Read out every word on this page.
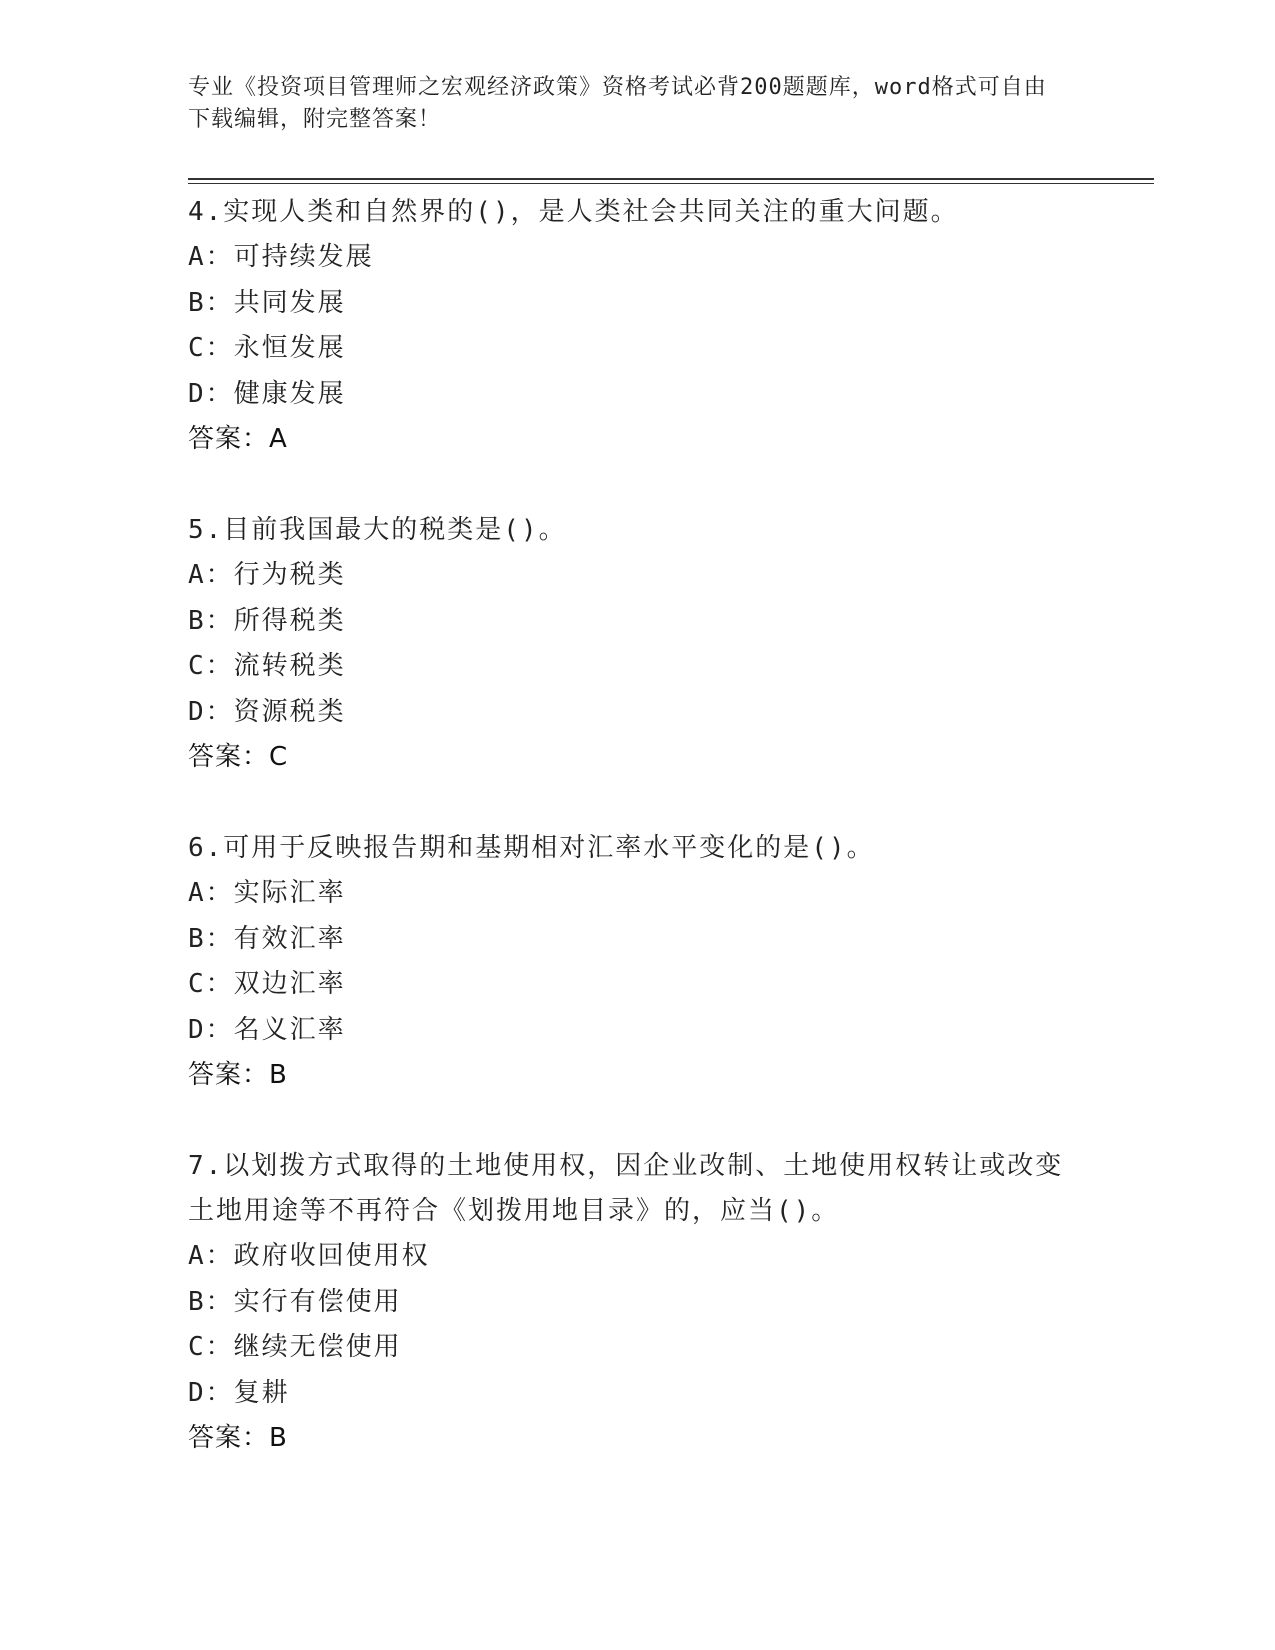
专业《投资项目管理师之宏观经济政策》资格考试必背200题题库，word格式可自由下载编辑，附完整答案！
4.实现人类和自然界的()，是人类社会共同关注的重大问题。
A：可持续发展
B：共同发展
C：永恒发展
D：健康发展
答案：A
5.目前我国最大的税类是()。
A：行为税类
B：所得税类
C：流转税类
D：资源税类
答案：C
6.可用于反映报告期和基期相对汇率水平变化的是()。
A：实际汇率
B：有效汇率
C：双边汇率
D：名义汇率
答案：B
7.以划拨方式取得的土地使用权，因企业改制、土地使用权转让或改变土地用途等不再符合《划拨用地目录》的，应当()。
A：政府收回使用权
B：实行有偿使用
C：继续无偿使用
D：复耕
答案：B
